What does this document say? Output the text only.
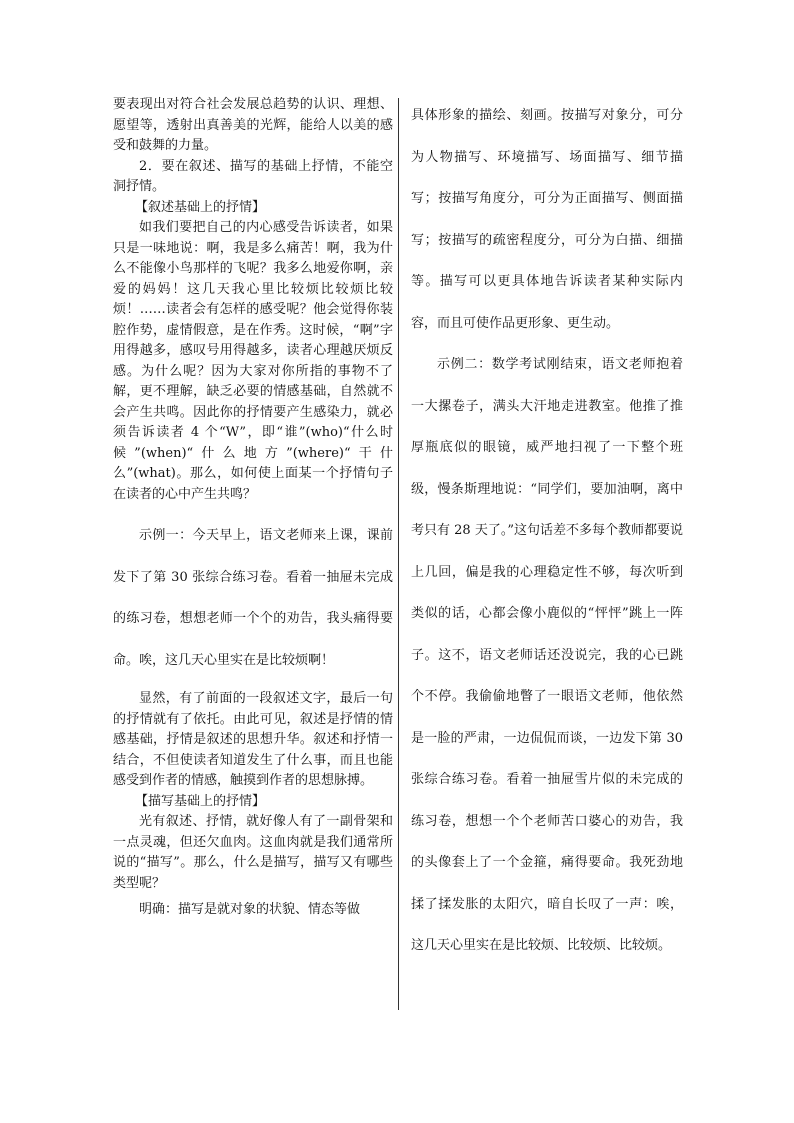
要表现出对符合社会发展总趋势的认识、理想、愿望等，透射出真善美的光辉，能给人以美的感受和鼓舞的力量。

2．要在叙述、描写的基础上抒情，不能空洞抒情。

【叙述基础上的抒情】

如我们要把自己的内心感受告诉读者，如果只是一味地说：啊，我是多么痛苦！啊，我为什么不能像小鸟那样的飞呢？我多么地爱你啊，亲爱的妈妈！这几天我心里比较烦比较烦比较烦！……读者会有怎样的感受呢？他会觉得你装腔作势，虚情假意，是在作秀。这时候，“啊”字用得越多，感叹号用得越多，读者心理越厌烦反感。为什么呢？因为大家对你所指的事物不了解，更不理解，缺乏必要的情感基础，自然就不会产生共鸣。因此你的抒情要产生感染力，就必须告诉读者 4 个“W”，即“谁”(who)“什么时候”(when)“什么地方”(where)“干什么”(what)。那么，如何使上面某一个抒情句子在读者的心中产生共鸣？

示例一：今天早上，语文老师来上课，课前发下了第 30 张综合练习卷。看着一抽屉未完成的练习卷，想想老师一个个的劝告，我头痛得要命。唉，这几天心里实在是比较烦啊！

显然，有了前面的一段叙述文字，最后一句的抒情就有了依托。由此可见，叙述是抒情的情感基础，抒情是叙述的思想升华。叙述和抒情一结合，不但使读者知道发生了什么事，而且也能感受到作者的情感，触摸到作者的思想脉搏。

【描写基础上的抒情】

光有叙述、抒情，就好像人有了一副骨架和一点灵魂，但还欠血肉。这血肉就是我们通常所说的“描写”。那么，什么是描写，描写又有哪些类型呢？

明确：描写是就对象的状貌、情态等做

具体形象的描绘、刻画。按描写对象分，可分为人物描写、环境描写、场面描写、细节描写；按描写角度分，可分为正面描写、侧面描写；按描写的疏密程度分，可分为白描、细描等。描写可以更具体地告诉读者某种实际内容，而且可使作品更形象、更生动。

示例二：数学考试刚结束，语文老师抱着一大摞卷子，满头大汗地走进教室。他推了推厚瓶底似的眼镜，威严地扫视了一下整个班级，慢条斯理地说：“同学们，要加油啊，离中考只有 28 天了。”这句话差不多每个教师都要说上几回，偏是我的心理稳定性不够，每次听到类似的话，心都会像小鹿似的“怦怦”跳上一阵子。这不，语文老师话还没说完，我的心已跳个不停。我偷偷地瞥了一眼语文老师，他依然是一脸的严肃，一边侃侃而谈，一边发下第 30 张综合练习卷。看着一抽屉雪片似的未完成的练习卷，想想一个个老师苦口婆心的劝告，我的头像套上了一个金箍，痛得要命。我死劲地揉了揉发胀的太阳穴，暗自长叹了一声：唉，这几天心里实在是比较烦、比较烦、比较烦。
